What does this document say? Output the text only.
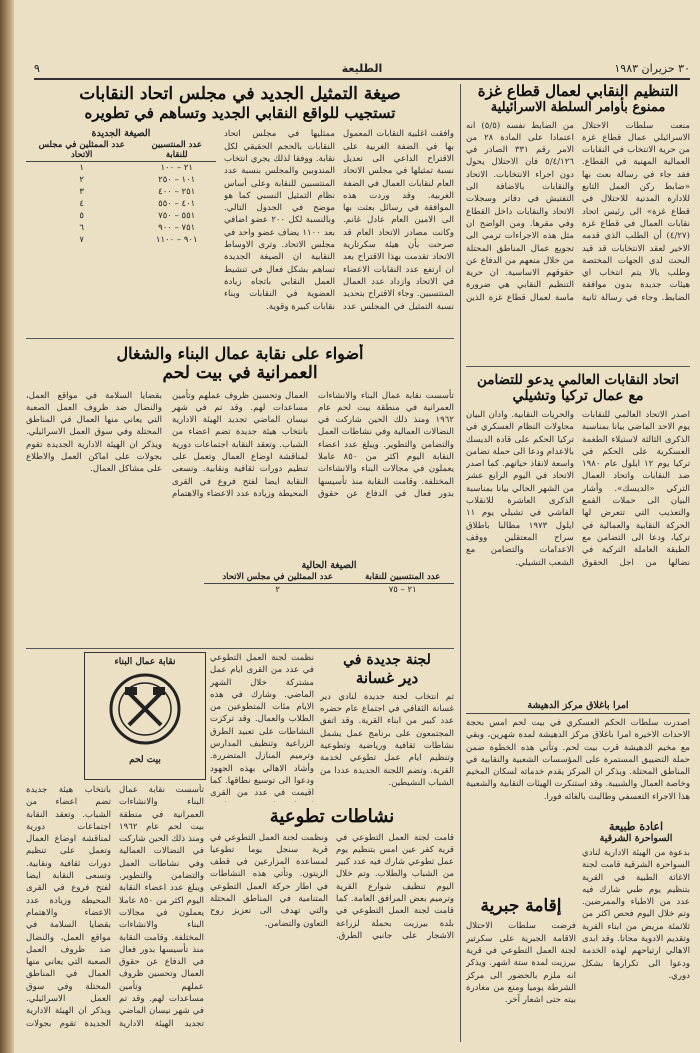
٩	الطليعة	٣٠ حزيران ١٩٨٣
التنظيم النقابي لعمال قطاع غزة
ممنوع بأوامر السلطة الاسرائيلية
منعت سلطات الاحتلال الاسرائيلي عمال قطاع غزة من حرية الانتخاب في النقابات العمالية المهنية في القطاع. فقد جاء في رسالة بعث بها «ضابط ركن العمل التابع للادارة المدنية للاحتلال في قطاع غزة» الى رئيس اتحاد نقابات العمال في قطاع غزة (٤/٢٧) أن الطلب الذي قدمه الاخير لعقد الانتخابات قد قيد البحث لدى الجهات المختصة وطلب بالا يتم انتخاب اي هيئات جديدة بدون موافقة الضابط. وجاء في رسالة ثانية من الضابط نفسه (٥/٥) انه اعتمادا على المادة ٢٨ من الامر رقم ٣٣١ الصادر في ٥/٤/١٢٦ فان الاحتلال يحول دون اجراء الانتخابات. الاتحاد والنقابات بالاضافة الى التفتيش في دفاتر وسجلات الاتحاد والنقابات داخل القطاع وفي مقرها. ومن الواضح ان مثل هذه الاجراءات ترمي الى تجويع عمال المناطق المحتلة من خلال منعهم من الدفاع عن حقوقهم الاساسية. ان حرية التنظيم النقابي هي ضرورة ماسة لعمال قطاع غزة الذين
صيغة التمثيل الجديد في مجلس اتحاد النقابات
تستجيب للواقع النقابي الجديد وتساهم في تطويره
وافقت اغلبية النقابات المعمول بها في الضفة الغربية على الاقتراح الداعي الى تعديل نسبة تمثيلها في مجلس الاتحاد العام لنقابات العمال في الضفة الغربية. وقد وردت هذه الموافقة في رسائل بعثت بها الى الامين العام عادل غانم. وكانت مصادر الاتحاد العام قد صرحت بأن هيئة سكرتارية الاتحاد تقدمت بهذا الاقتراح بعد ان ارتفع عدد النقابات الاعضاء في الاتحاد وازداد عدد العمال المنتسبين. وجاء الاقتراح بتحديد نسبة التمثيل في المجلس عدد ممثليها في مجلس اتحاد النقابات بالحجم الحقيقي لكل نقابة. ووفقا لذلك يجري انتخاب المندوبين والمجلس بنسبة عدد المنتسبين للنقابة وعلى أساس نظام التمثيل النسبي كما هو موضح في الجدول التالي. وبالنسبة لكل ٢٠٠ عضو اضافي بعد ١١٠٠ يضاف عضو واحد في مجلس الاتحاد. وترى الاوساط النقابية ان الصيغة الجديدة تساهم بشكل فعال في تنشيط العمل النقابي باتجاه زيادة العضوية في النقابات وبناء نقابات كبيرة وقوية.
الصيغة الجديدة
عدد المنتسبين للنقابة	عدد الممثلين في مجلس الاتحاد
٢١ – ١٠٠	١
١٠١ – ٢٥٠	٢
٢٥١ – ٤٠٠	٣
٤٠١ – ٥٥٠	٤
٥٥١ – ٧٥٠	٥
٧٥١ – ٩٠٠	٦
٩٠١ – ١١٠٠	٧
أضواء على نقابة عمال البناء والشغال
العمرانية في بيت لحم
تأسست نقابة عمال البناء والانشاءات العمرانية في منطقة بيت لحم عام ١٩٦٢ ومنذ ذلك الحين شاركت في النضالات العمالية وفي نشاطات العمل والتضامن والتطوير. ويبلغ عدد اعضاء النقابة اليوم اكثر من ٨٥٠ عاملا يعملون في مجالات البناء والانشاءات المختلفة. وقامت النقابة منذ تأسيسها بدور فعال في الدفاع عن حقوق العمال وتحسين ظروف عملهم وتأمين مساعدات لهم. وقد تم في شهر نيسان الماضي تجديد الهيئة الادارية بانتخاب هيئة جديدة تضم اعضاء من الشباب. وتعقد النقابة اجتماعات دورية لمناقشة اوضاع العمال وتعمل على تنظيم دورات ثقافية ونقابية. وتسعى النقابة ايضا لفتح فروع في القرى المحيطة وزيادة عدد الاعضاء والاهتمام بقضايا السلامة في مواقع العمل، والنضال ضد ظروف العمل الصعبة التي يعاني منها العمال في المناطق المحتلة وفي سوق العمل الاسرائيلي. ويذكر ان الهيئة الادارية الجديدة تقوم بجولات على اماكن العمل والاطلاع على مشاكل العمال.
الصيغة الحالية
عدد المنتسبين للنقابة	عدد الممثلين في مجلس الاتحاد
٢١ – ٧٥	٢
اتحاد النقابات العالمي يدعو للتضامن
مع عمال تركيا وتشيلي
اصدر الاتحاد العالمي للنقابات يوم الاحد الماضي بيانا بمناسبة الذكرى الثالثة لاستيلاء الطغمة العسكرية على الحكم في تركيا يوم ١٢ ايلول عام ١٩٨٠ ضد النقابات واتحاد العمال التركي «الديسك». وأشار البيان الى حملات القمع والتعذيب التي تتعرض لها الحركة النقابية والعمالية في تركيا، ودعا الى التضامن مع الطبقة العاملة التركية في نضالها من اجل الحقوق والحريات النقابية. وادان البيان محاولات النظام العسكري في تركيا الحكم على قادة الديسك بالاعدام ودعا الى حملة تضامن واسعة لانقاذ حياتهم. كما اصدر الاتحاد في اليوم الرابع عشر من الشهر الحالي بيانا بمناسبة الذكرى العاشرة للانقلاب الفاشي في تشيلي يوم ١١ ايلول ١٩٧٣ مطالبا باطلاق سراح المعتقلين ووقف الاعدامات والتضامن مع الشعب التشيلي.
امرا باغلاق مركز الدهيشة
اصدرت سلطات الحكم العسكري في بيت لحم امس بحجة الاحداث الاخيرة امرا باغلاق مركز الدهيشة لمدة شهرين، وبقي مع مخيم الدهيشة قرب بيت لحم. وتأتي هذه الخطوة ضمن حملة التضييق المستمرة على المؤسسات الشعبية والنقابية في المناطق المحتلة. ويذكر ان المركز يقدم خدماته لسكان المخيم وخاصة العمال والشبيبة. وقد استنكرت الهيئات النقابية والشعبية هذا الاجراء التعسفي وطالبت بالغائه فورا.
نقابة عمال البناء
بيت لحم
لجنة جديدة في
دير غسانة
تم انتخاب لجنة جديدة لنادي دير غسانة الثقافي في اجتماع عام حضره عدد كبير من ابناء القرية. وقد اتفق المجتمعون على برنامج عمل يشمل نشاطات ثقافية ورياضية وتطوعية وتنظيم ايام عمل تطوعي لخدمة القرية. وتضم اللجنة الجديدة عددا من الشباب النشيطين.
نظمت لجنة العمل التطوعي في عدد من القرى ايام عمل مشتركة خلال الشهر الماضي. وشارك في هذه الايام مئات المتطوعين من الطلاب والعمال. وقد تركزت النشاطات على تعبيد الطرق الزراعية وتنظيف المدارس وترميم المنازل المتضررة. وأشاد الاهالي بهذه الجهود ودعوا الى توسيع نطاقها. كما اقيمت في عدد من القرى
نشاطات تطوعية
قامت لجنة العمل التطوعي في قرية كفر عين امس بتنظيم يوم عمل تطوعي شارك فيه عدد كبير من الشباب والطلاب. وتم خلال اليوم تنظيف شوارع القرية وترميم بعض المرافق العامة. كما قامت لجنة العمل التطوعي في بلدة بيرزيت بحملة لزراعة الاشجار على جانبي الطرق. ونظمت لجنة العمل التطوعي في قرية سنجل يوما تطوعيا لمساعدة المزارعين في قطف الزيتون. وتأتي هذه النشاطات في اطار حركة العمل التطوعي المتنامية في المناطق المحتلة والتي تهدف الى تعزيز روح التعاون والتضامن.
تأسست نقابة عمال البناء والانشاءات العمرانية في منطقة بيت لحم عام ١٩٦٢ ومنذ ذلك الحين شاركت في النضالات العمالية وفي نشاطات العمل والتضامن والتطوير. ويبلغ عدد اعضاء النقابة اليوم اكثر من ٨٥٠ عاملا يعملون في مجالات البناء والانشاءات المختلفة. وقامت النقابة منذ تأسيسها بدور فعال في الدفاع عن حقوق العمال وتحسين ظروف عملهم وتأمين مساعدات لهم. وقد تم في شهر نيسان الماضي تجديد الهيئة الادارية بانتخاب هيئة جديدة تضم اعضاء من الشباب. وتعقد النقابة اجتماعات دورية لمناقشة اوضاع العمال وتعمل على تنظيم دورات ثقافية ونقابية. وتسعى النقابة ايضا لفتح فروع في القرى المحيطة وزيادة عدد الاعضاء والاهتمام بقضايا السلامة في مواقع العمل، والنضال ضد ظروف العمل الصعبة التي يعاني منها العمال في المناطق المحتلة وفي سوق العمل الاسرائيلي. ويذكر ان الهيئة الادارية الجديدة تقوم بجولات
إقامة جبرية
فرضت سلطات الاحتلال الاقامة الجبرية على سكرتير لجنة العمل التطوعي في قرية بيرزيت لمدة ستة اشهر. ويذكر انه ملزم بالحضور الى مركز الشرطة يوميا ومنع من مغادرة بيته حتى اشعار آخر.
اعادة طبيعة
السواحرة الشرقية
بدعوة من الهيئة الادارية لنادي السواحرة الشرقية قامت لجنة الاغاثة الطبية في القرية بتنظيم يوم طبي شارك فيه عدد من الاطباء والممرضين. وتم خلال اليوم فحص اكثر من ثلاثمئة مريض من ابناء القرية وتقديم الادوية مجانا. وقد ابدى الاهالي ارتياحهم لهذه الخدمة ودعوا الى تكرارها بشكل دوري.
